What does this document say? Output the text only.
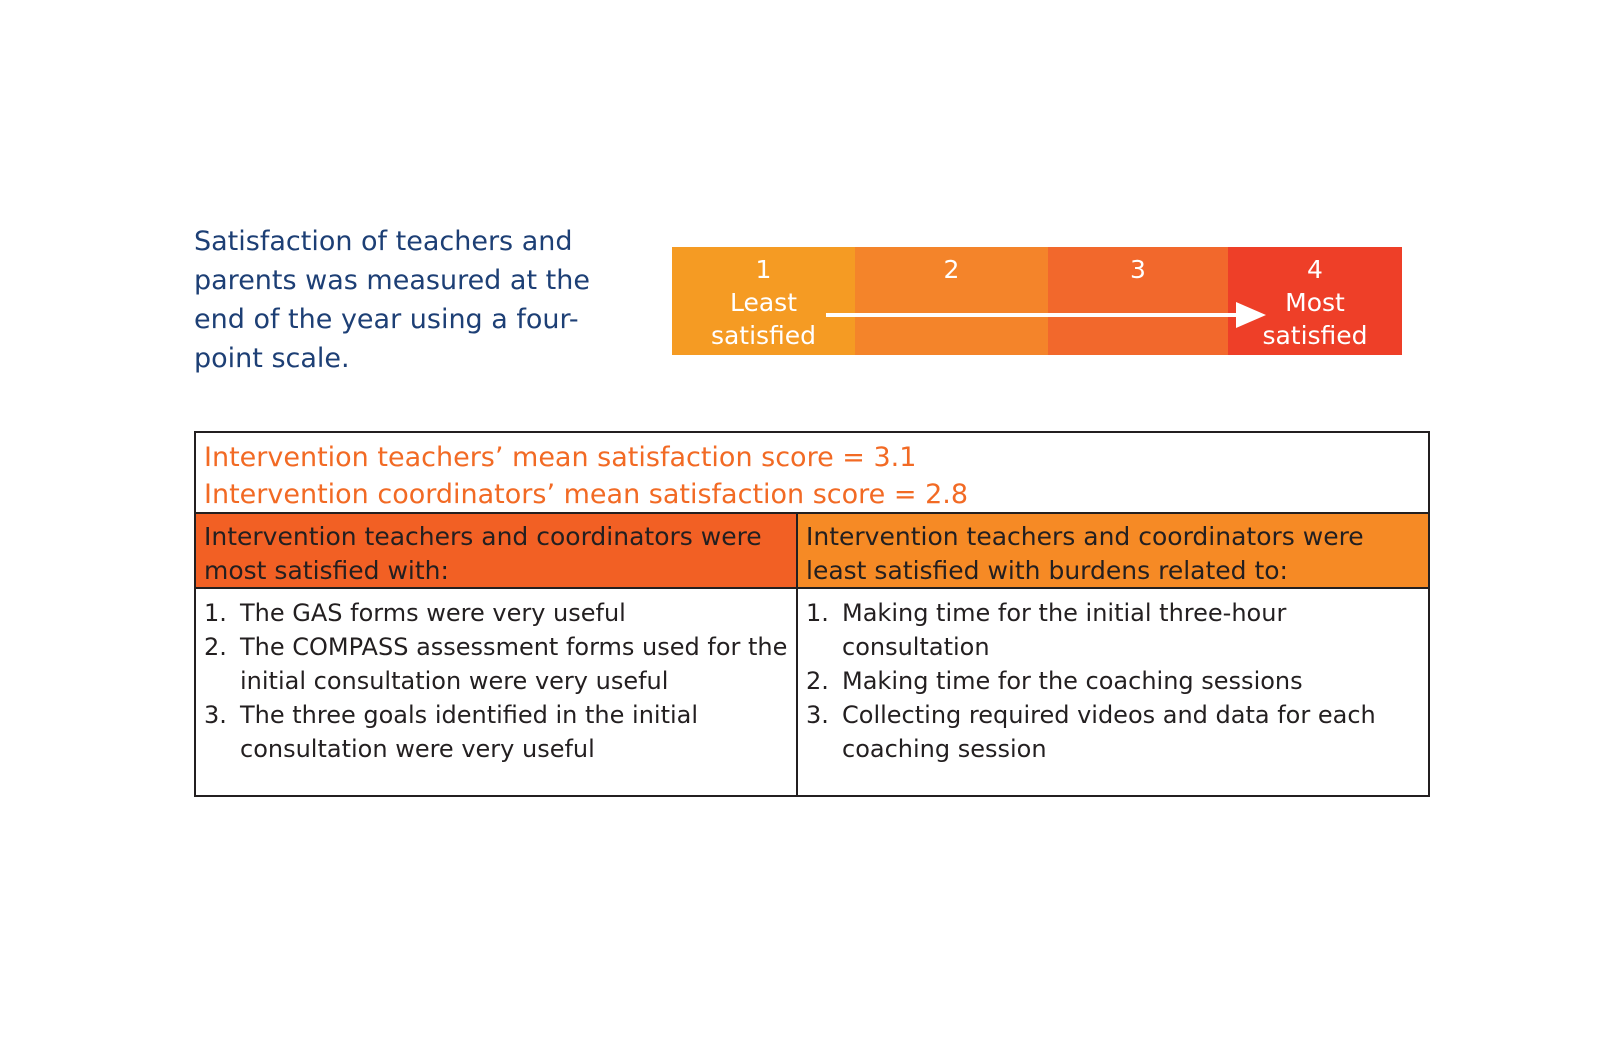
Satisfaction of teachers and parents was measured at the end of the year using a four-point scale.

1
Least
satisfied
2	3	4
Most
satisfied
Intervention teachers’ mean satisfaction score = 3.1
Intervention coordinators’ mean satisfaction score = 2.8
Intervention teachers and coordinators were most satisfied with:
1. The GAS forms were very useful
2. The COMPASS assessment forms used for the initial consultation were very useful
3. The three goals identified in the initial consultation were very useful
Intervention teachers and coordinators were least satisfied with burdens related to:
1. Making time for the initial three-hour consultation
2. Making time for the coaching sessions
3. Collecting required videos and data for each coaching session
